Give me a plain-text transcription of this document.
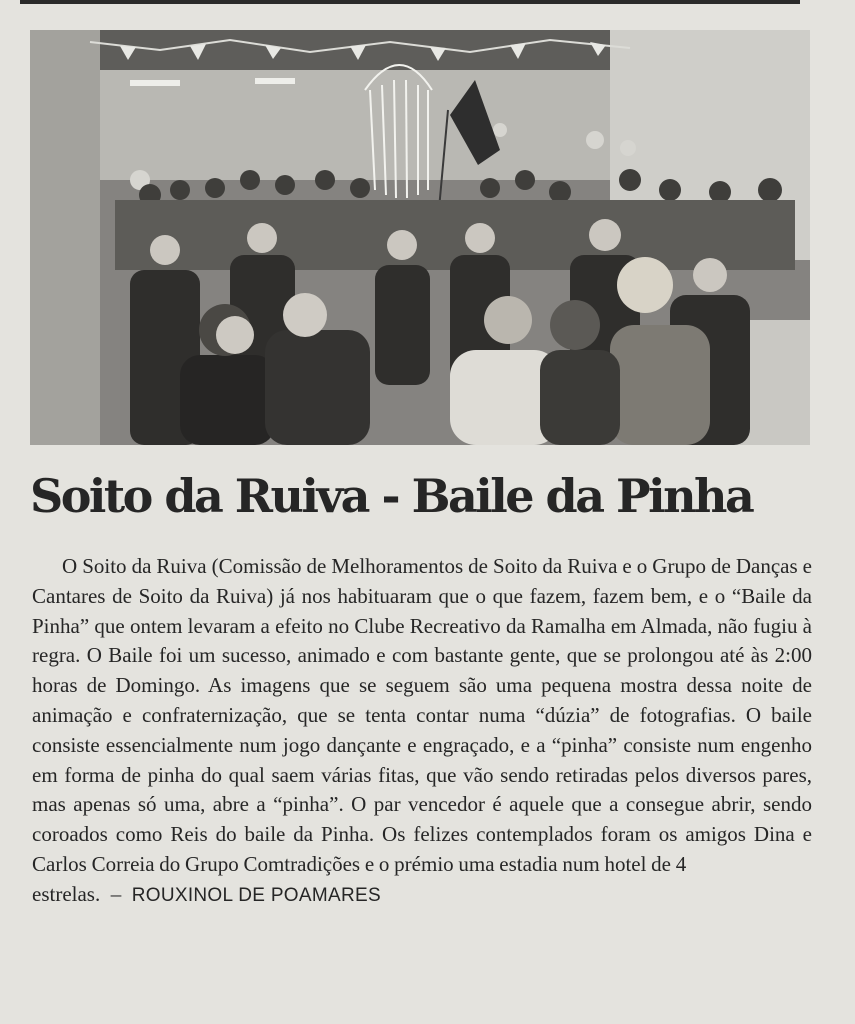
Soito da Ruiva - Baile da Pinha

O Soito da Ruiva (Comissão de Melhoramentos de Soito da Ruiva e o Grupo de Danças e Cantares de Soito da Ruiva) já nos habituaram que o que fazem, fazem bem, e o “Baile da Pinha” que ontem levaram a efeito no Clube Recreativo da Ramalha em Almada, não fugiu à regra. O Baile foi um sucesso, animado e com bastante gente, que se prolongou até às 2:00 horas de Domingo. As imagens que se seguem são uma pequena mostra dessa noite de animação e confraternização, que se tenta contar numa “dúzia” de fotografias. O baile consiste essencialmente num jogo dançante e engraçado, e a “pinha” consiste num engenho em forma de pinha do qual saem várias fitas, que vão sendo retiradas pelos diversos pares, mas apenas só uma, abre a “pinha”. O par vencedor é aquele que a consegue abrir, sendo coroados como Reis do baile da Pinha. Os felizes contemplados foram os amigos Dina e Carlos Correia do Grupo Comtradições e o prémio uma estadia num hotel de 4

estrelas. – ROUXINOL DE POAMARES
